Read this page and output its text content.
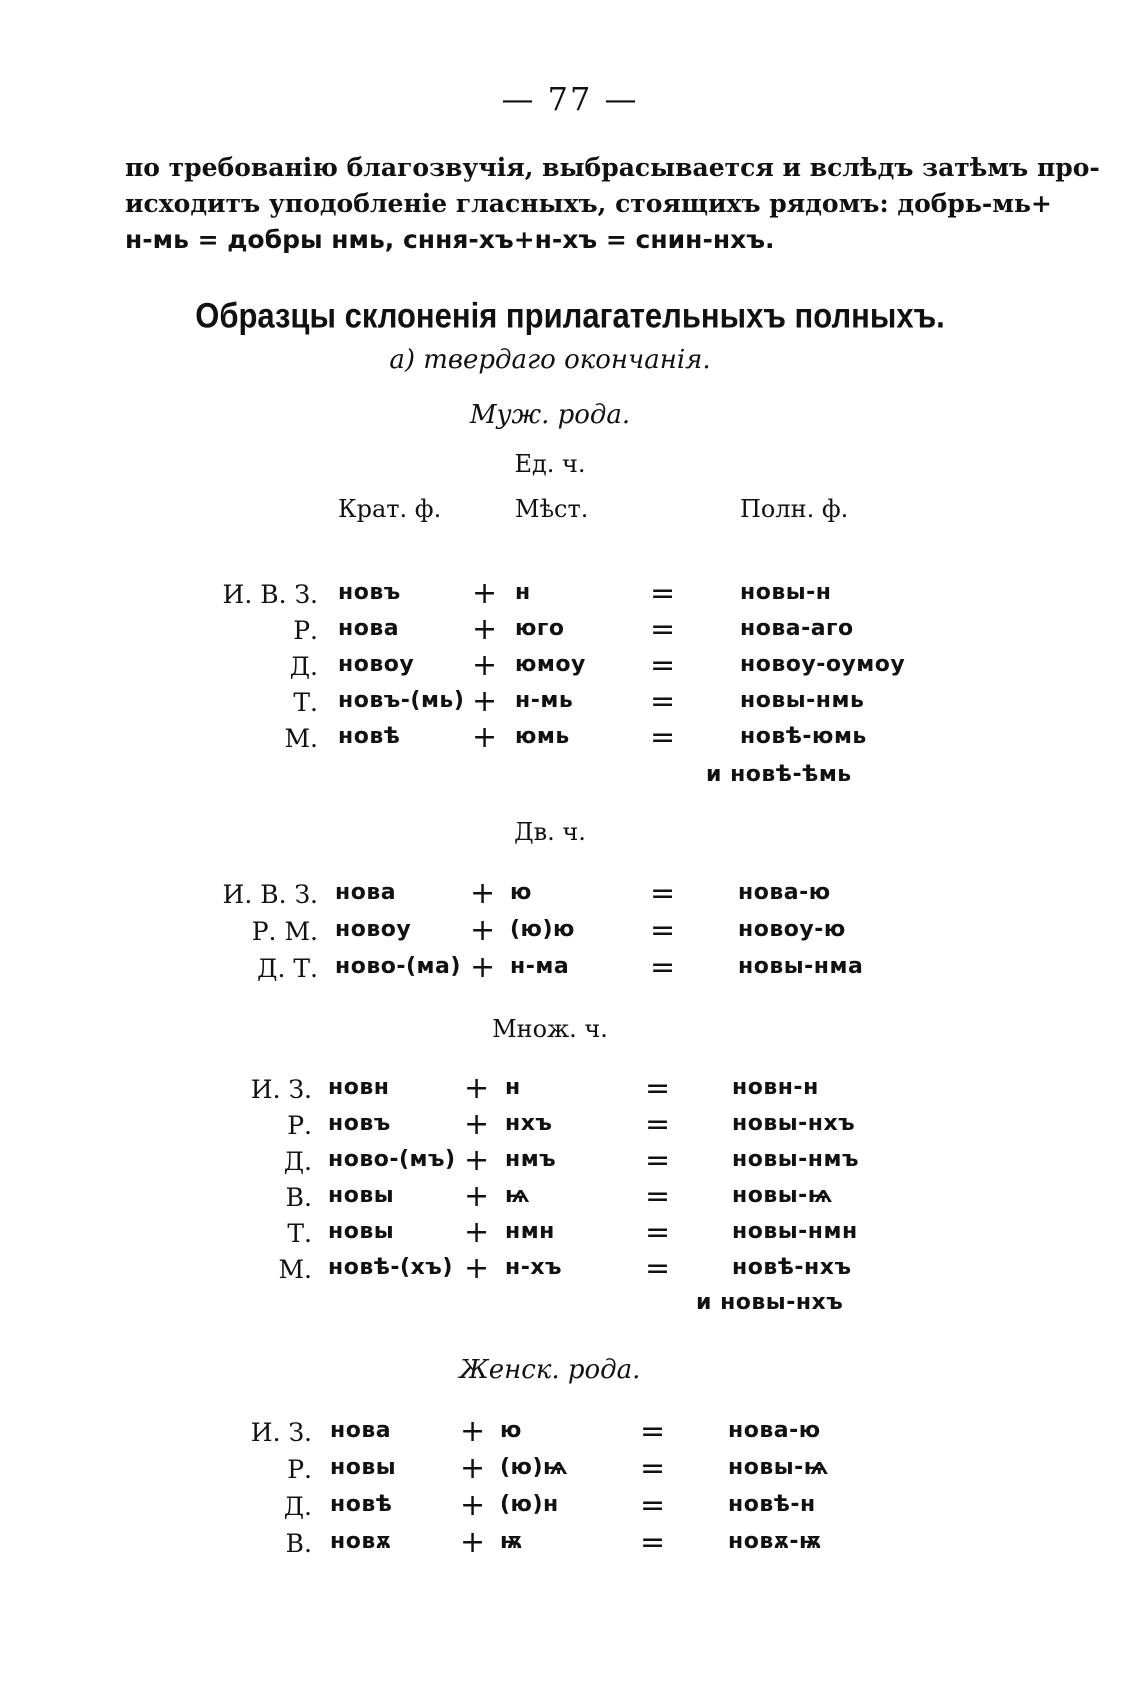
— 77 —
по требованію благозвучія, выбрасывается и вслѣдъ затѣмъ про-
исходитъ уподобленіе гласныхъ, стоящихъ рядомъ: добрь-мь+
н-мь = добры нмь, сння-хъ+н-хъ = снин-нхъ.
Образцы склоненія прилагательныхъ полныхъ.
а) твердаго окончанія.
Муж. рода.
Ед. ч.
Крат. ф.	Мѣст.	Полн. ф.
И. В. З. новъ + н	=	новы-н
Р. нова + юго	=	нова-аго
Д. новоу + юмоу =	новоу-оумоу
Т. новъ-(мь) + н-мь	=	новы-нмь
М. новѣ + юмь	=	новѣ-юмь
и новѣ-ѣмь
Дв. ч.
И. В. З. нова + ю	=	нова-ю
Р. М. новоу + (ю)ю	=	новоу-ю
Д. Т. ново-(ма) + н-ма	=	новы-нма
Множ. ч.
И. З. новн + н	=	новн-н
Р. новъ + нхъ	=	новы-нхъ
Д. ново-(мъ) + нмъ	=	новы-нмъ
В. новы + ѩ	=	новы-ѩ
Т. новы + нмн	=	новы-нмн
М. новѣ-(хъ) + н-хъ	=	новѣ-нхъ
и новы-нхъ
Женск. рода.
И. З. нова + ю	=	нова-ю
Р. новы + (ю)ѩ =	новы-ѩ
Д. новѣ + (ю)н	=	новѣ-н
В. новѫ + ѭ	=	новѫ-ѭ
